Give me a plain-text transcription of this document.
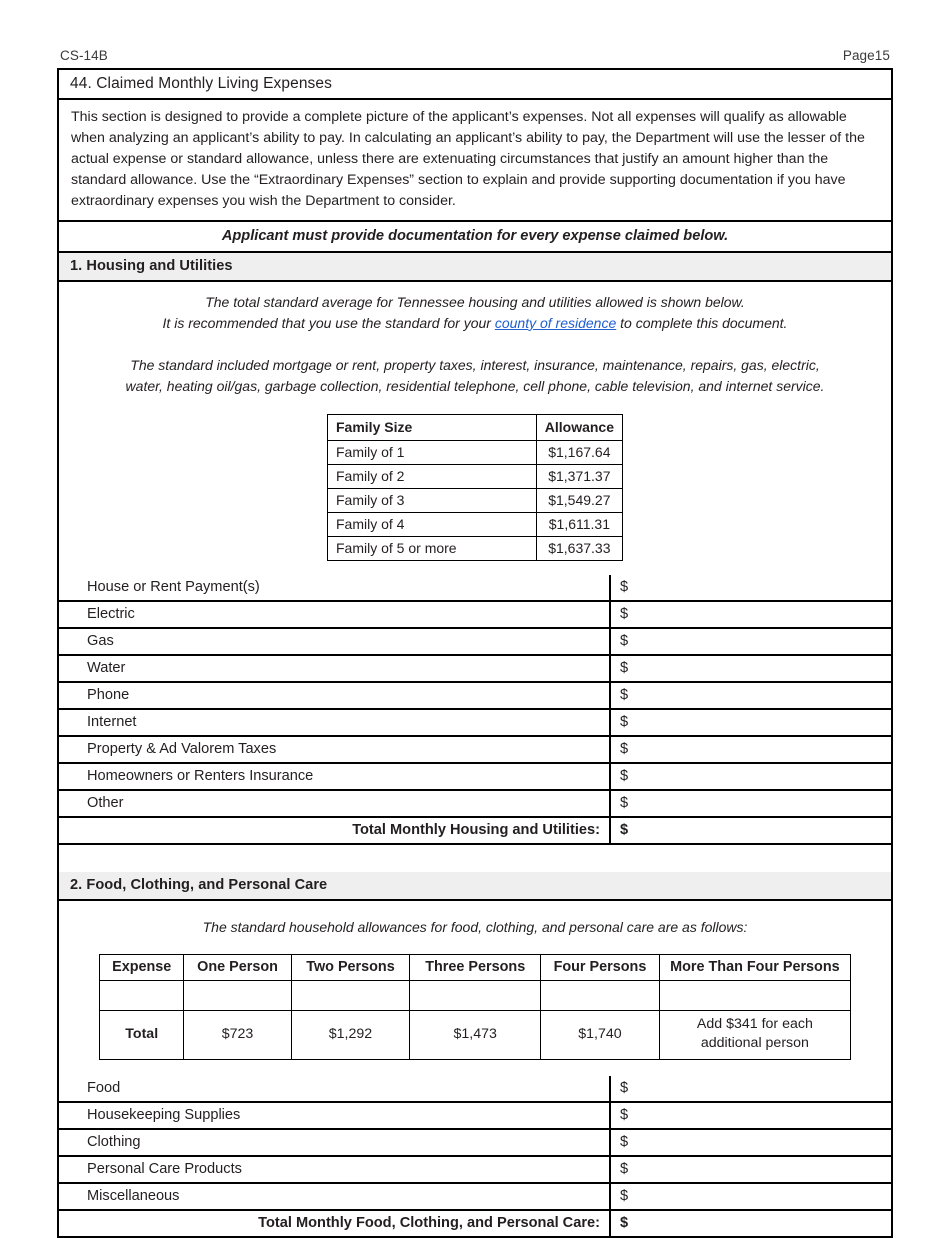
CS-14B	Page15
44. Claimed Monthly Living Expenses
This section is designed to provide a complete picture of the applicant’s expenses. Not all expenses will qualify as allowable when analyzing an applicant’s ability to pay. In calculating an applicant’s ability to pay, the Department will use the lesser of the actual expense or standard allowance, unless there are extenuating circumstances that justify an amount higher than the standard allowance. Use the “Extraordinary Expenses” section to explain and provide supporting documentation if you have extraordinary expenses you wish the Department to consider.
Applicant must provide documentation for every expense claimed below.
1. Housing and Utilities
The total standard average for Tennessee housing and utilities allowed is shown below.
It is recommended that you use the standard for your county of residence to complete this document.
The standard included mortgage or rent, property taxes, interest, insurance, maintenance, repairs, gas, electric, water, heating oil/gas, garbage collection, residential telephone, cell phone, cable television, and internet service.
Family Size	Allowance
Family of 1	$1,167.64
Family of 2	$1,371.37
Family of 3	$1,549.27
Family of 4	$1,611.31
Family of 5 or more	$1,637.33
House or Rent Payment(s)	$
Electric	$
Gas	$
Water	$
Phone	$
Internet	$
Property & Ad Valorem Taxes	$
Homeowners or Renters Insurance	$
Other	$
Total Monthly Housing and Utilities:	$

2. Food, Clothing, and Personal Care
The standard household allowances for food, clothing, and personal care are as follows:
Expense	One Person	Two Persons	Three Persons	Four Persons	More Than Four Persons

Total	$723	$1,292	$1,473	$1,740	Add $341 for each additional person
Food	$
Housekeeping Supplies	$
Clothing	$
Personal Care Products	$
Miscellaneous	$
Total Monthly Food, Clothing, and Personal Care:	$
